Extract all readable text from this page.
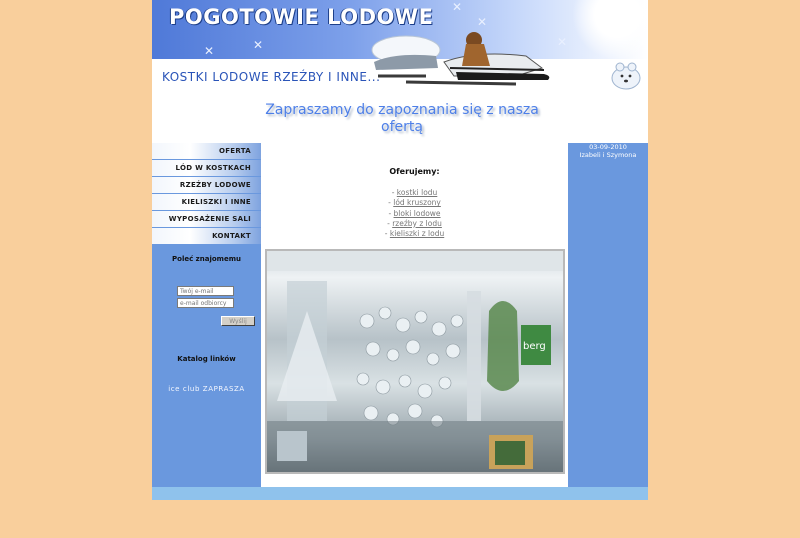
✕	✕
✕
✕
✕
POGOTOWIE LODOWE
KOSTKI LODOWE RZEŹBY I INNE...
Zapraszamy do zapoznania się z nasza ofertą
OFERTA
LÓD W KOSTKACH
RZEŹBY LODOWE
KIELISZKI I INNE
WYPOSAŻENIE SALI
KONTAKT
Poleć znajomemu
Twój e-mail
e-mail odbiorcy
Wyślij
Katalog linków
ice club ZAPRASZA
Oferujemy:
- kostki lodu
- lód kruszony
- bloki lodowe
- rzeźby z lodu
- kieliszki z lodu
berg
03-09-2010
Izabeli i Szymona
